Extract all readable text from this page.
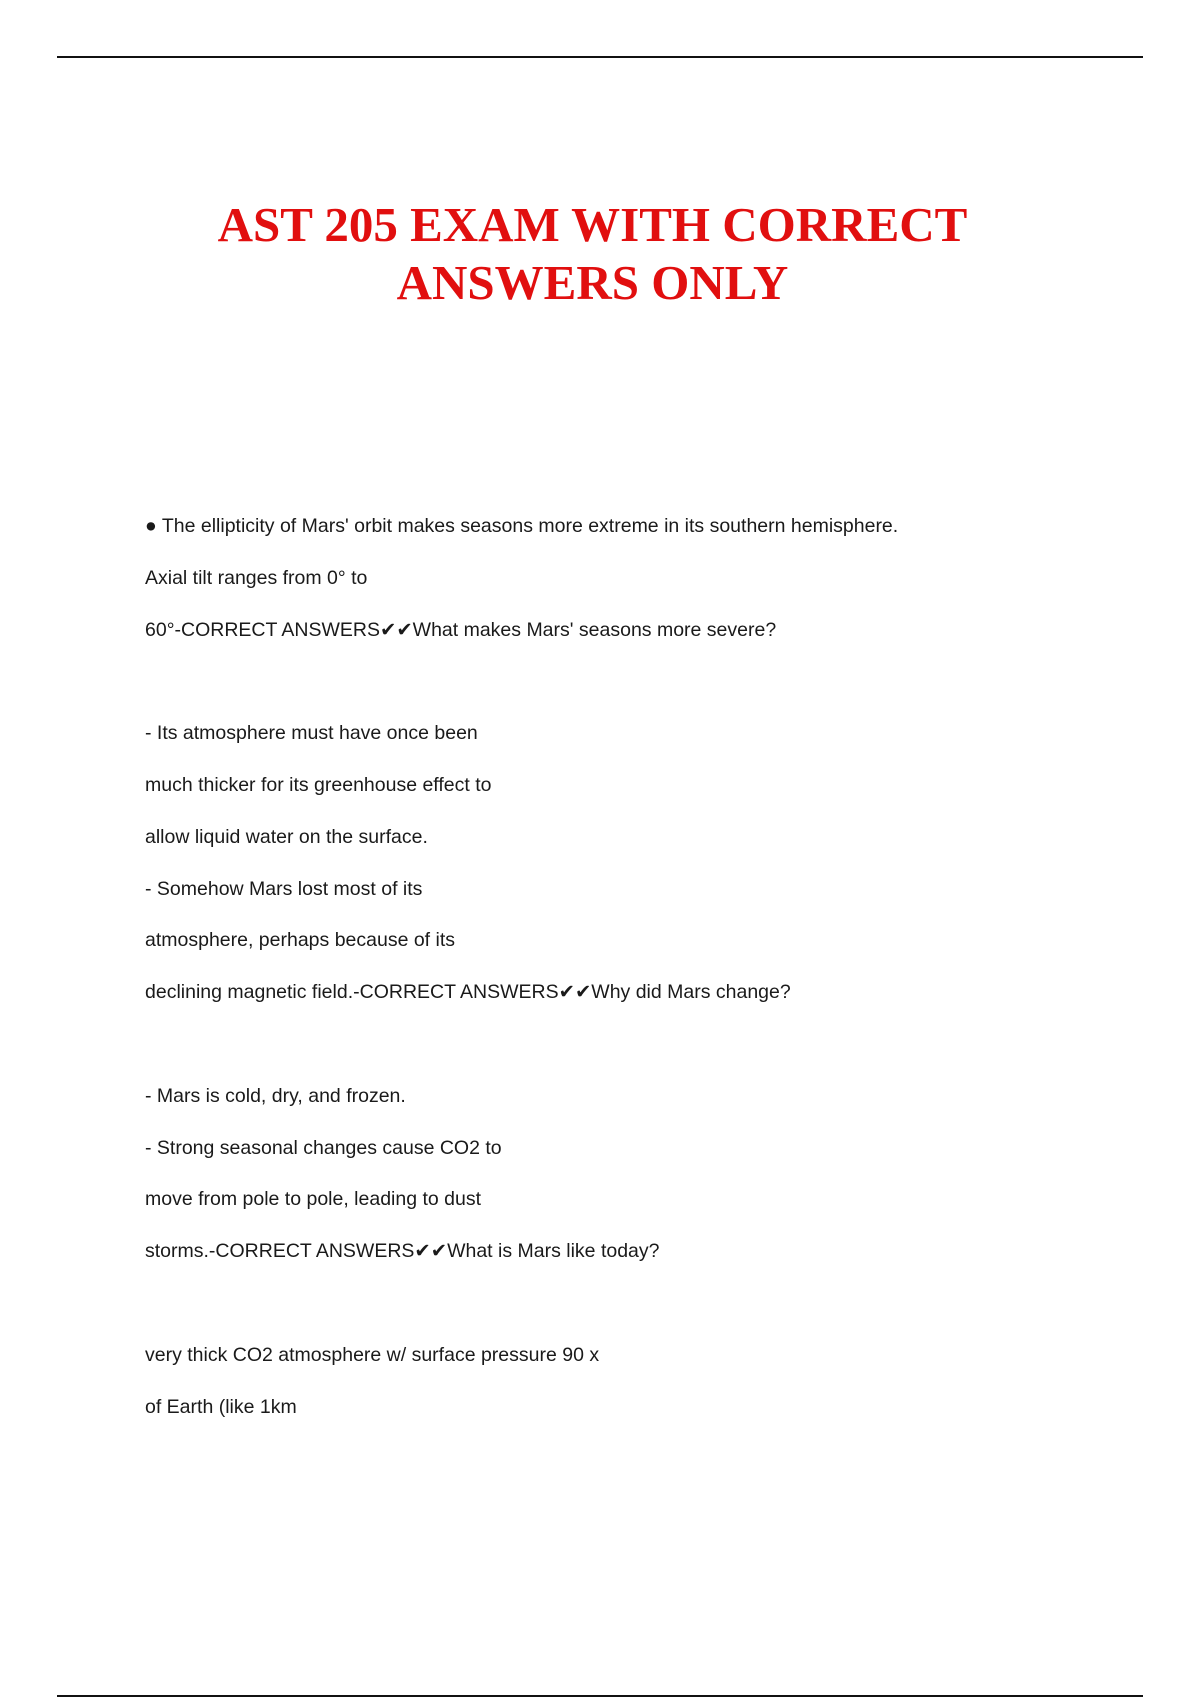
AST 205 EXAM WITH CORRECT
ANSWERS ONLY
● The ellipticity of Mars' orbit makes seasons more extreme in its southern hemisphere.
Axial tilt ranges from 0° to
60°-CORRECT ANSWERS✔✔What makes Mars' seasons more severe?
- Its atmosphere must have once been
much thicker for its greenhouse effect to
allow liquid water on the surface.
- Somehow Mars lost most of its
atmosphere, perhaps because of its
declining magnetic field.-CORRECT ANSWERS✔✔Why did Mars change?
- Mars is cold, dry, and frozen.
- Strong seasonal changes cause CO2 to
move from pole to pole, leading to dust
storms.-CORRECT ANSWERS✔✔What is Mars like today?
very thick CO2 atmosphere w/ surface pressure 90 x
of Earth (like 1km
